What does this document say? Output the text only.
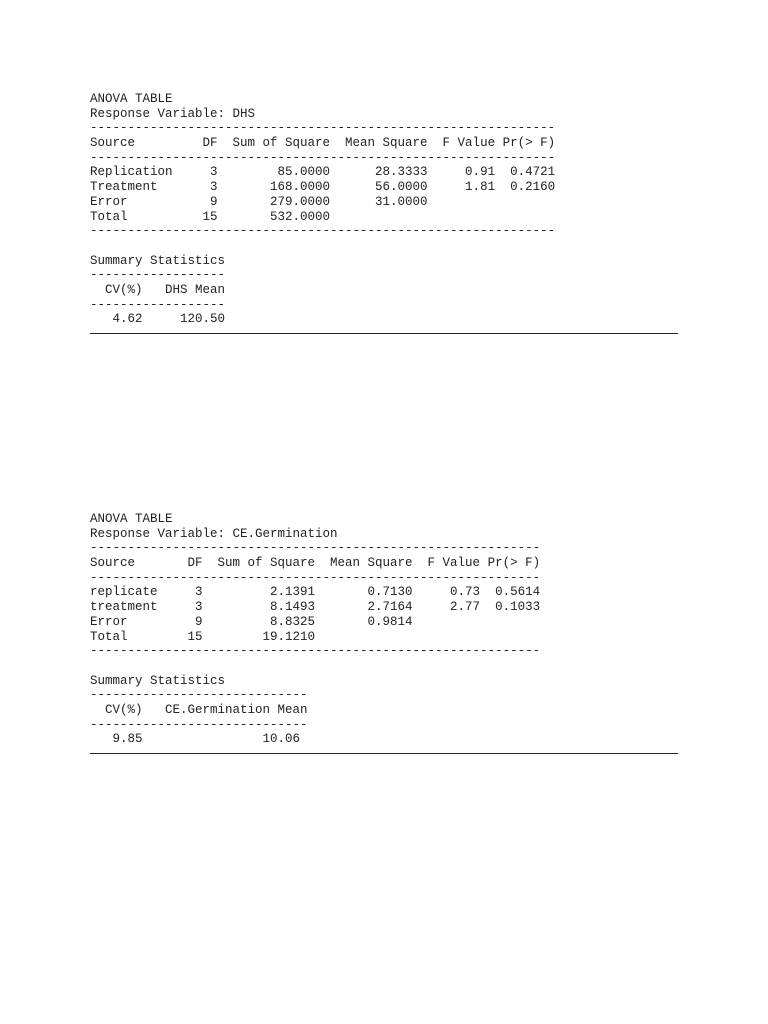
ANOVA TABLE
Response Variable: DHS
--------------------------------------------------------------
Source         DF  Sum of Square  Mean Square  F Value Pr(> F)
--------------------------------------------------------------
Replication     3        85.0000      28.3333     0.91  0.4721
Treatment       3       168.0000      56.0000     1.81  0.2160
Error           9       279.0000      31.0000
Total          15       532.0000
--------------------------------------------------------------
Summary Statistics
------------------
CV(%)   DHS Mean
------------------
4.62     120.50
ANOVA TABLE
Response Variable: CE.Germination
------------------------------------------------------------
Source       DF  Sum of Square  Mean Square  F Value Pr(> F)
------------------------------------------------------------
replicate     3         2.1391       0.7130     0.73  0.5614
treatment     3         8.1493       2.7164     2.77  0.1033
Error         9         8.8325       0.9814
Total        15        19.1210
------------------------------------------------------------
Summary Statistics
-----------------------------
CV(%)   CE.Germination Mean
-----------------------------
9.85                10.06
